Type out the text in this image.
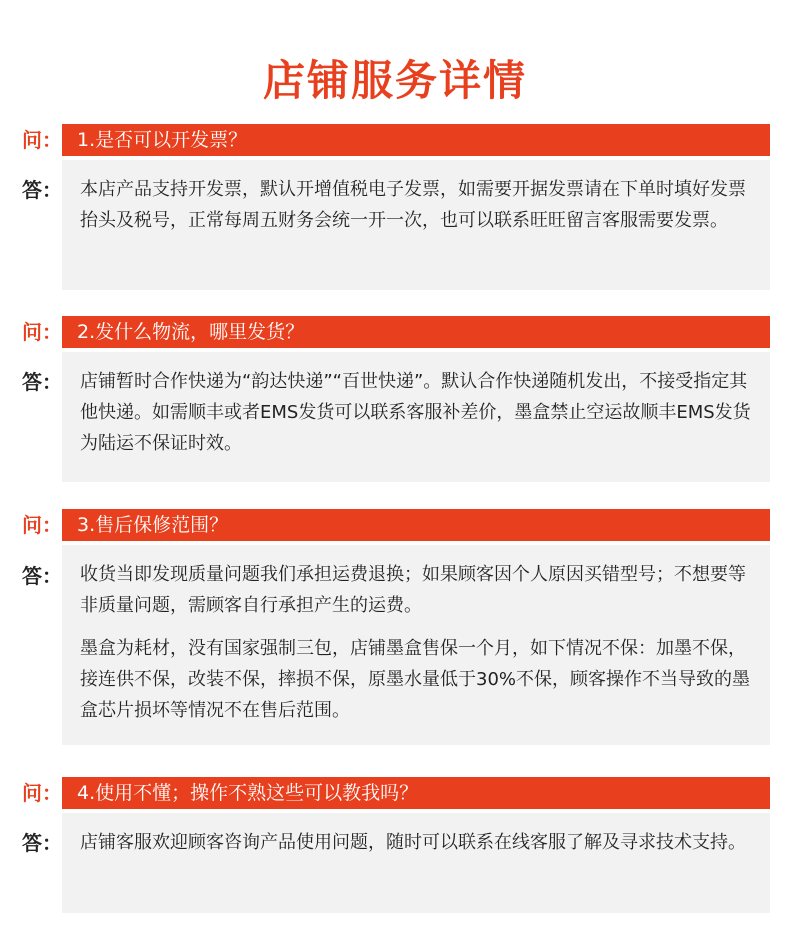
店铺服务详情
问： 1.是否可以开发票？
答： 本店产品支持开发票，默认开增值税电子发票，如需要开据发票请在下单时填好发票抬头及税号，正常每周五财务会统一开一次，也可以联系旺旺留言客服需要发票。

问： 2.发什么物流，哪里发货？
答： 店铺暂时合作快递为“韵达快递”“百世快递”。默认合作快递随机发出，不接受指定其他快递。如需顺丰或者EMS发货可以联系客服补差价，墨盒禁止空运故顺丰EMS发货为陆运不保证时效。

问： 3.售后保修范围？
答： 收货当即发现质量问题我们承担运费退换；如果顾客因个人原因买错型号；不想要等非质量问题，需顾客自行承担产生的运费。

墨盒为耗材，没有国家强制三包，店铺墨盒售保一个月，如下情况不保：加墨不保，接连供不保，改装不保，摔损不保，原墨水量低于30%不保，顾客操作不当导致的墨盒芯片损坏等情况不在售后范围。

问： 4.使用不懂；操作不熟这些可以教我吗？
答： 店铺客服欢迎顾客咨询产品使用问题，随时可以联系在线客服了解及寻求技术支持。
